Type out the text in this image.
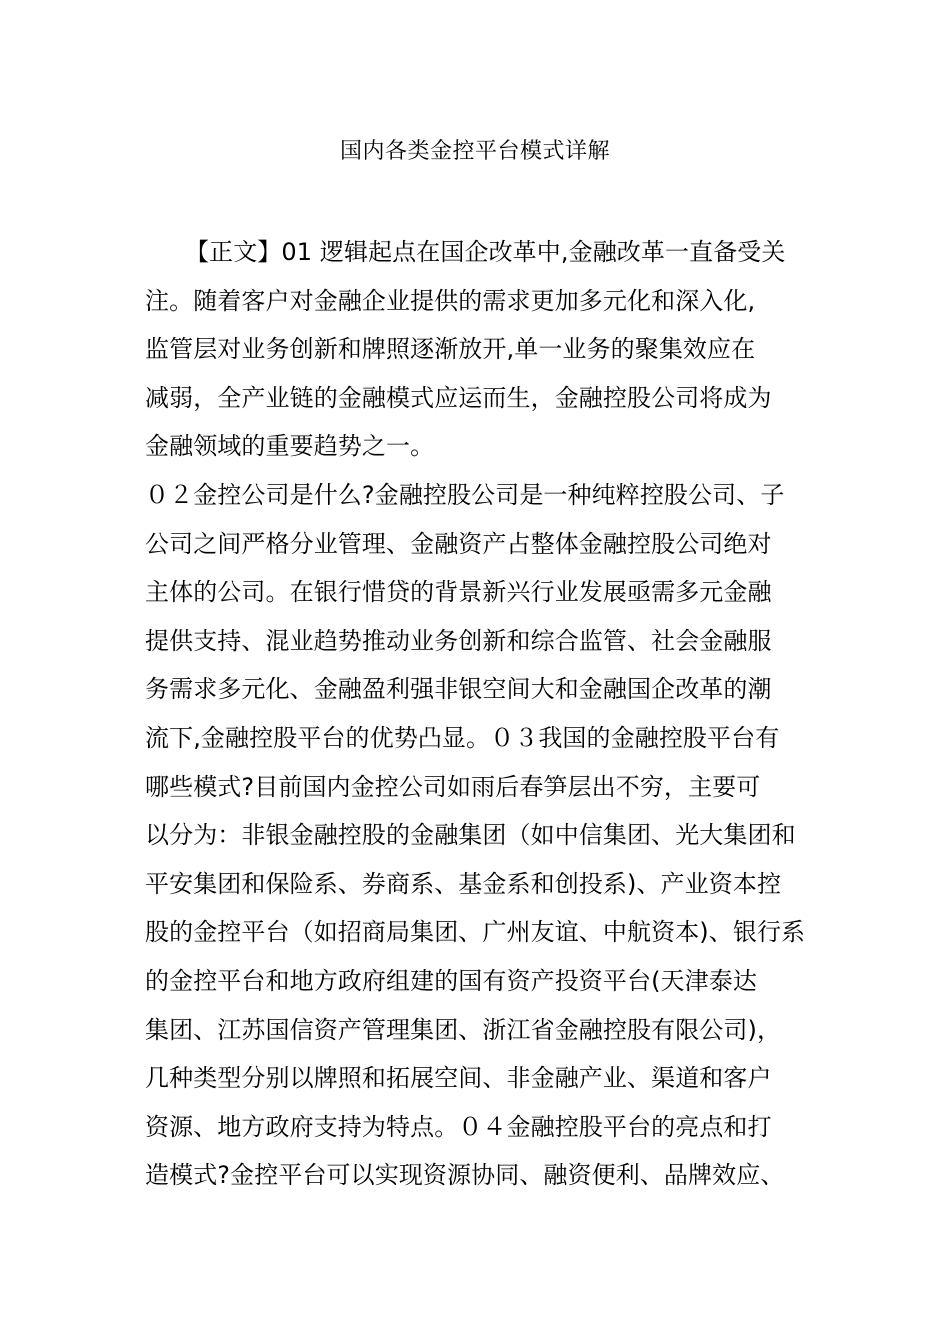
国内各类金控平台模式详解
【正文】01 逻辑起点在国企改革中,金融改革一直备受关
注。随着客户对金融企业提供的需求更加多元化和深入化,
监管层对业务创新和牌照逐渐放开,单一业务的聚集效应在
减弱，全产业链的金融模式应运而生，金融控股公司将成为
金融领域的重要趋势之一。
０２金控公司是什么?金融控股公司是一种纯粹控股公司、子
公司之间严格分业管理、金融资产占整体金融控股公司绝对
主体的公司。在银行惜贷的背景新兴行业发展亟需多元金融
提供支持、混业趋势推动业务创新和综合监管、社会金融服
务需求多元化、金融盈利强非银空间大和金融国企改革的潮
流下,金融控股平台的优势凸显。０３我国的金融控股平台有
哪些模式?目前国内金控公司如雨后春笋层出不穷，主要可
以分为：非银金融控股的金融集团（如中信集团、光大集团和
平安集团和保险系、券商系、基金系和创投系)、产业资本控
股的金控平台（如招商局集团、广州友谊、中航资本)、银行系
的金控平台和地方政府组建的国有资产投资平台(天津泰达
集团、江苏国信资产管理集团、浙江省金融控股有限公司)，
几种类型分别以牌照和拓展空间、非金融产业、渠道和客户
资源、地方政府支持为特点。０４金融控股平台的亮点和打
造模式?金控平台可以实现资源协同、融资便利、品牌效应、
